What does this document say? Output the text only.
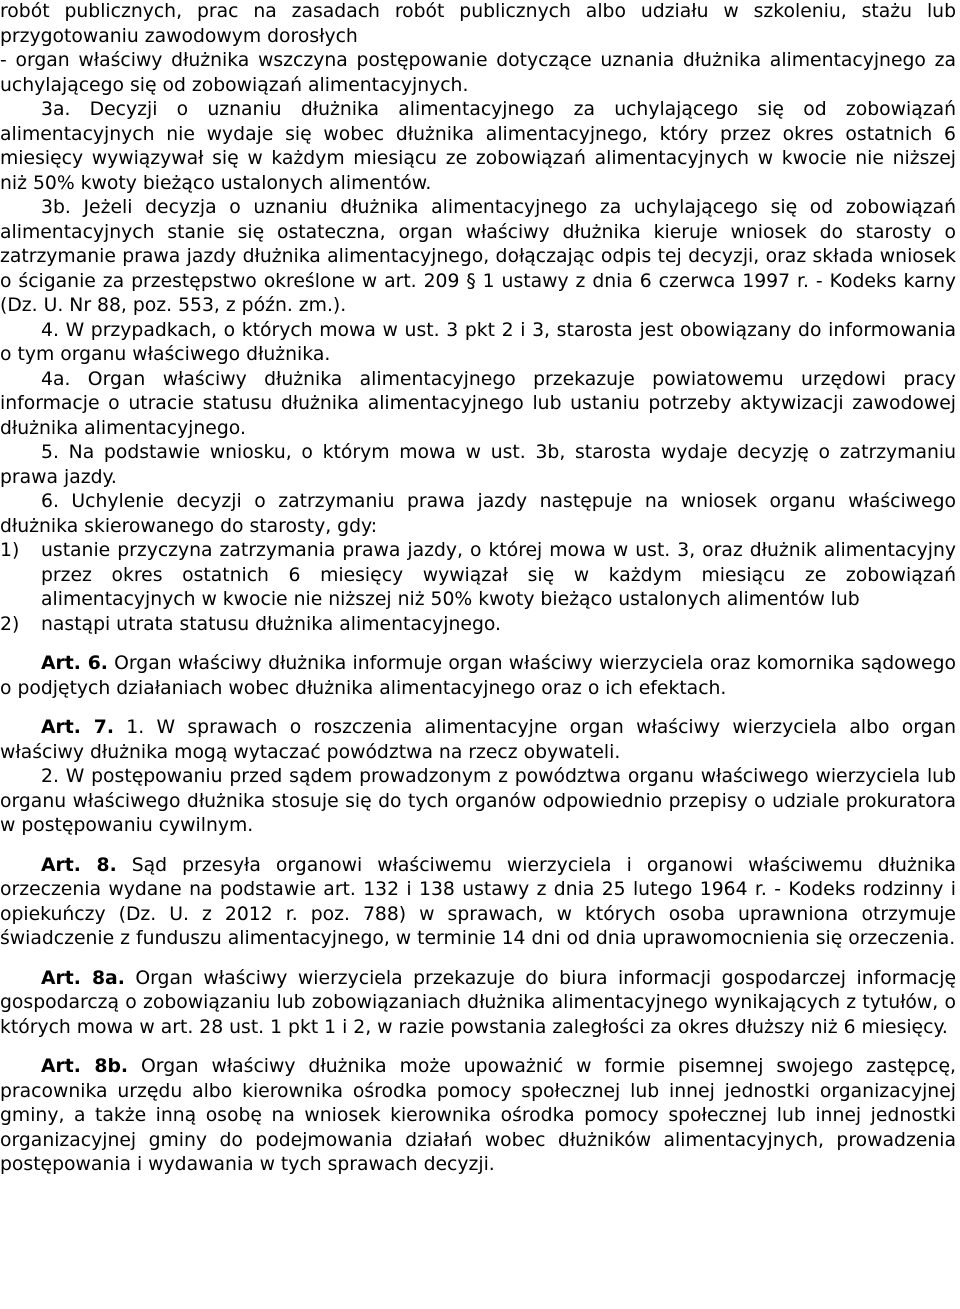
robót publicznych, prac na zasadach robót publicznych albo udziału w szkoleniu, stażu lub przygotowaniu zawodowym dorosłych

- organ właściwy dłużnika wszczyna postępowanie dotyczące uznania dłużnika alimentacyjnego za uchylającego się od zobowiązań alimentacyjnych.

3a. Decyzji o uznaniu dłużnika alimentacyjnego za uchylającego się od zobowiązań alimentacyjnych nie wydaje się wobec dłużnika alimentacyjnego, który przez okres ostatnich 6 miesięcy wywiązywał się w każdym miesiącu ze zobowiązań alimentacyjnych w kwocie nie niższej niż 50% kwoty bieżąco ustalonych alimentów.

3b. Jeżeli decyzja o uznaniu dłużnika alimentacyjnego za uchylającego się od zobowiązań alimentacyjnych stanie się ostateczna, organ właściwy dłużnika kieruje wniosek do starosty o zatrzymanie prawa jazdy dłużnika alimentacyjnego, dołączając odpis tej decyzji, oraz składa wniosek o ściganie za przestępstwo określone w art. 209 § 1 ustawy z dnia 6 czerwca 1997 r. - Kodeks karny (Dz. U. Nr 88, poz. 553, z późn. zm.).

4. W przypadkach, o których mowa w ust. 3 pkt 2 i 3, starosta jest obowiązany do informowania o tym organu właściwego dłużnika.

4a. Organ właściwy dłużnika alimentacyjnego przekazuje powiatowemu urzędowi pracy informacje o utracie statusu dłużnika alimentacyjnego lub ustaniu potrzeby aktywizacji zawodowej dłużnika alimentacyjnego.

5. Na podstawie wniosku, o którym mowa w ust. 3b, starosta wydaje decyzję o zatrzymaniu prawa jazdy.

6. Uchylenie decyzji o zatrzymaniu prawa jazdy następuje na wniosek organu właściwego dłużnika skierowanego do starosty, gdy:

1)	ustanie przyczyna zatrzymania prawa jazdy, o której mowa w ust. 3, oraz dłużnik alimentacyjny przez okres ostatnich 6 miesięcy wywiązał się w każdym miesiącu ze zobowiązań alimentacyjnych w kwocie nie niższej niż 50% kwoty bieżąco ustalonych alimentów lub
2)	nastąpi utrata statusu dłużnika alimentacyjnego.

Art. 6. Organ właściwy dłużnika informuje organ właściwy wierzyciela oraz komornika sądowego o podjętych działaniach wobec dłużnika alimentacyjnego oraz o ich efektach.

Art. 7. 1. W sprawach o roszczenia alimentacyjne organ właściwy wierzyciela albo organ właściwy dłużnika mogą wytaczać powództwa na rzecz obywateli.

2. W postępowaniu przed sądem prowadzonym z powództwa organu właściwego wierzyciela lub organu właściwego dłużnika stosuje się do tych organów odpowiednio przepisy o udziale prokuratora w postępowaniu cywilnym.

Art. 8. Sąd przesyła organowi właściwemu wierzyciela i organowi właściwemu dłużnika orzeczenia wydane na podstawie art. 132 i 138 ustawy z dnia 25 lutego 1964 r. - Kodeks rodzinny i opiekuńczy (Dz. U. z 2012 r. poz. 788) w sprawach, w których osoba uprawniona otrzymuje świadczenie z funduszu alimentacyjnego, w terminie 14 dni od dnia uprawomocnienia się orzeczenia.

Art. 8a. Organ właściwy wierzyciela przekazuje do biura informacji gospodarczej informację gospodarczą o zobowiązaniu lub zobowiązaniach dłużnika alimentacyjnego wynikających z tytułów, o których mowa w art. 28 ust. 1 pkt 1 i 2, w razie powstania zaległości za okres dłuższy niż 6 miesięcy.

Art. 8b. Organ właściwy dłużnika może upoważnić w formie pisemnej swojego zastępcę, pracownika urzędu albo kierownika ośrodka pomocy społecznej lub innej jednostki organizacyjnej gminy, a także inną osobę na wniosek kierownika ośrodka pomocy społecznej lub innej jednostki organizacyjnej gminy do podejmowania działań wobec dłużników alimentacyjnych, prowadzenia postępowania i wydawania w tych sprawach decyzji.
